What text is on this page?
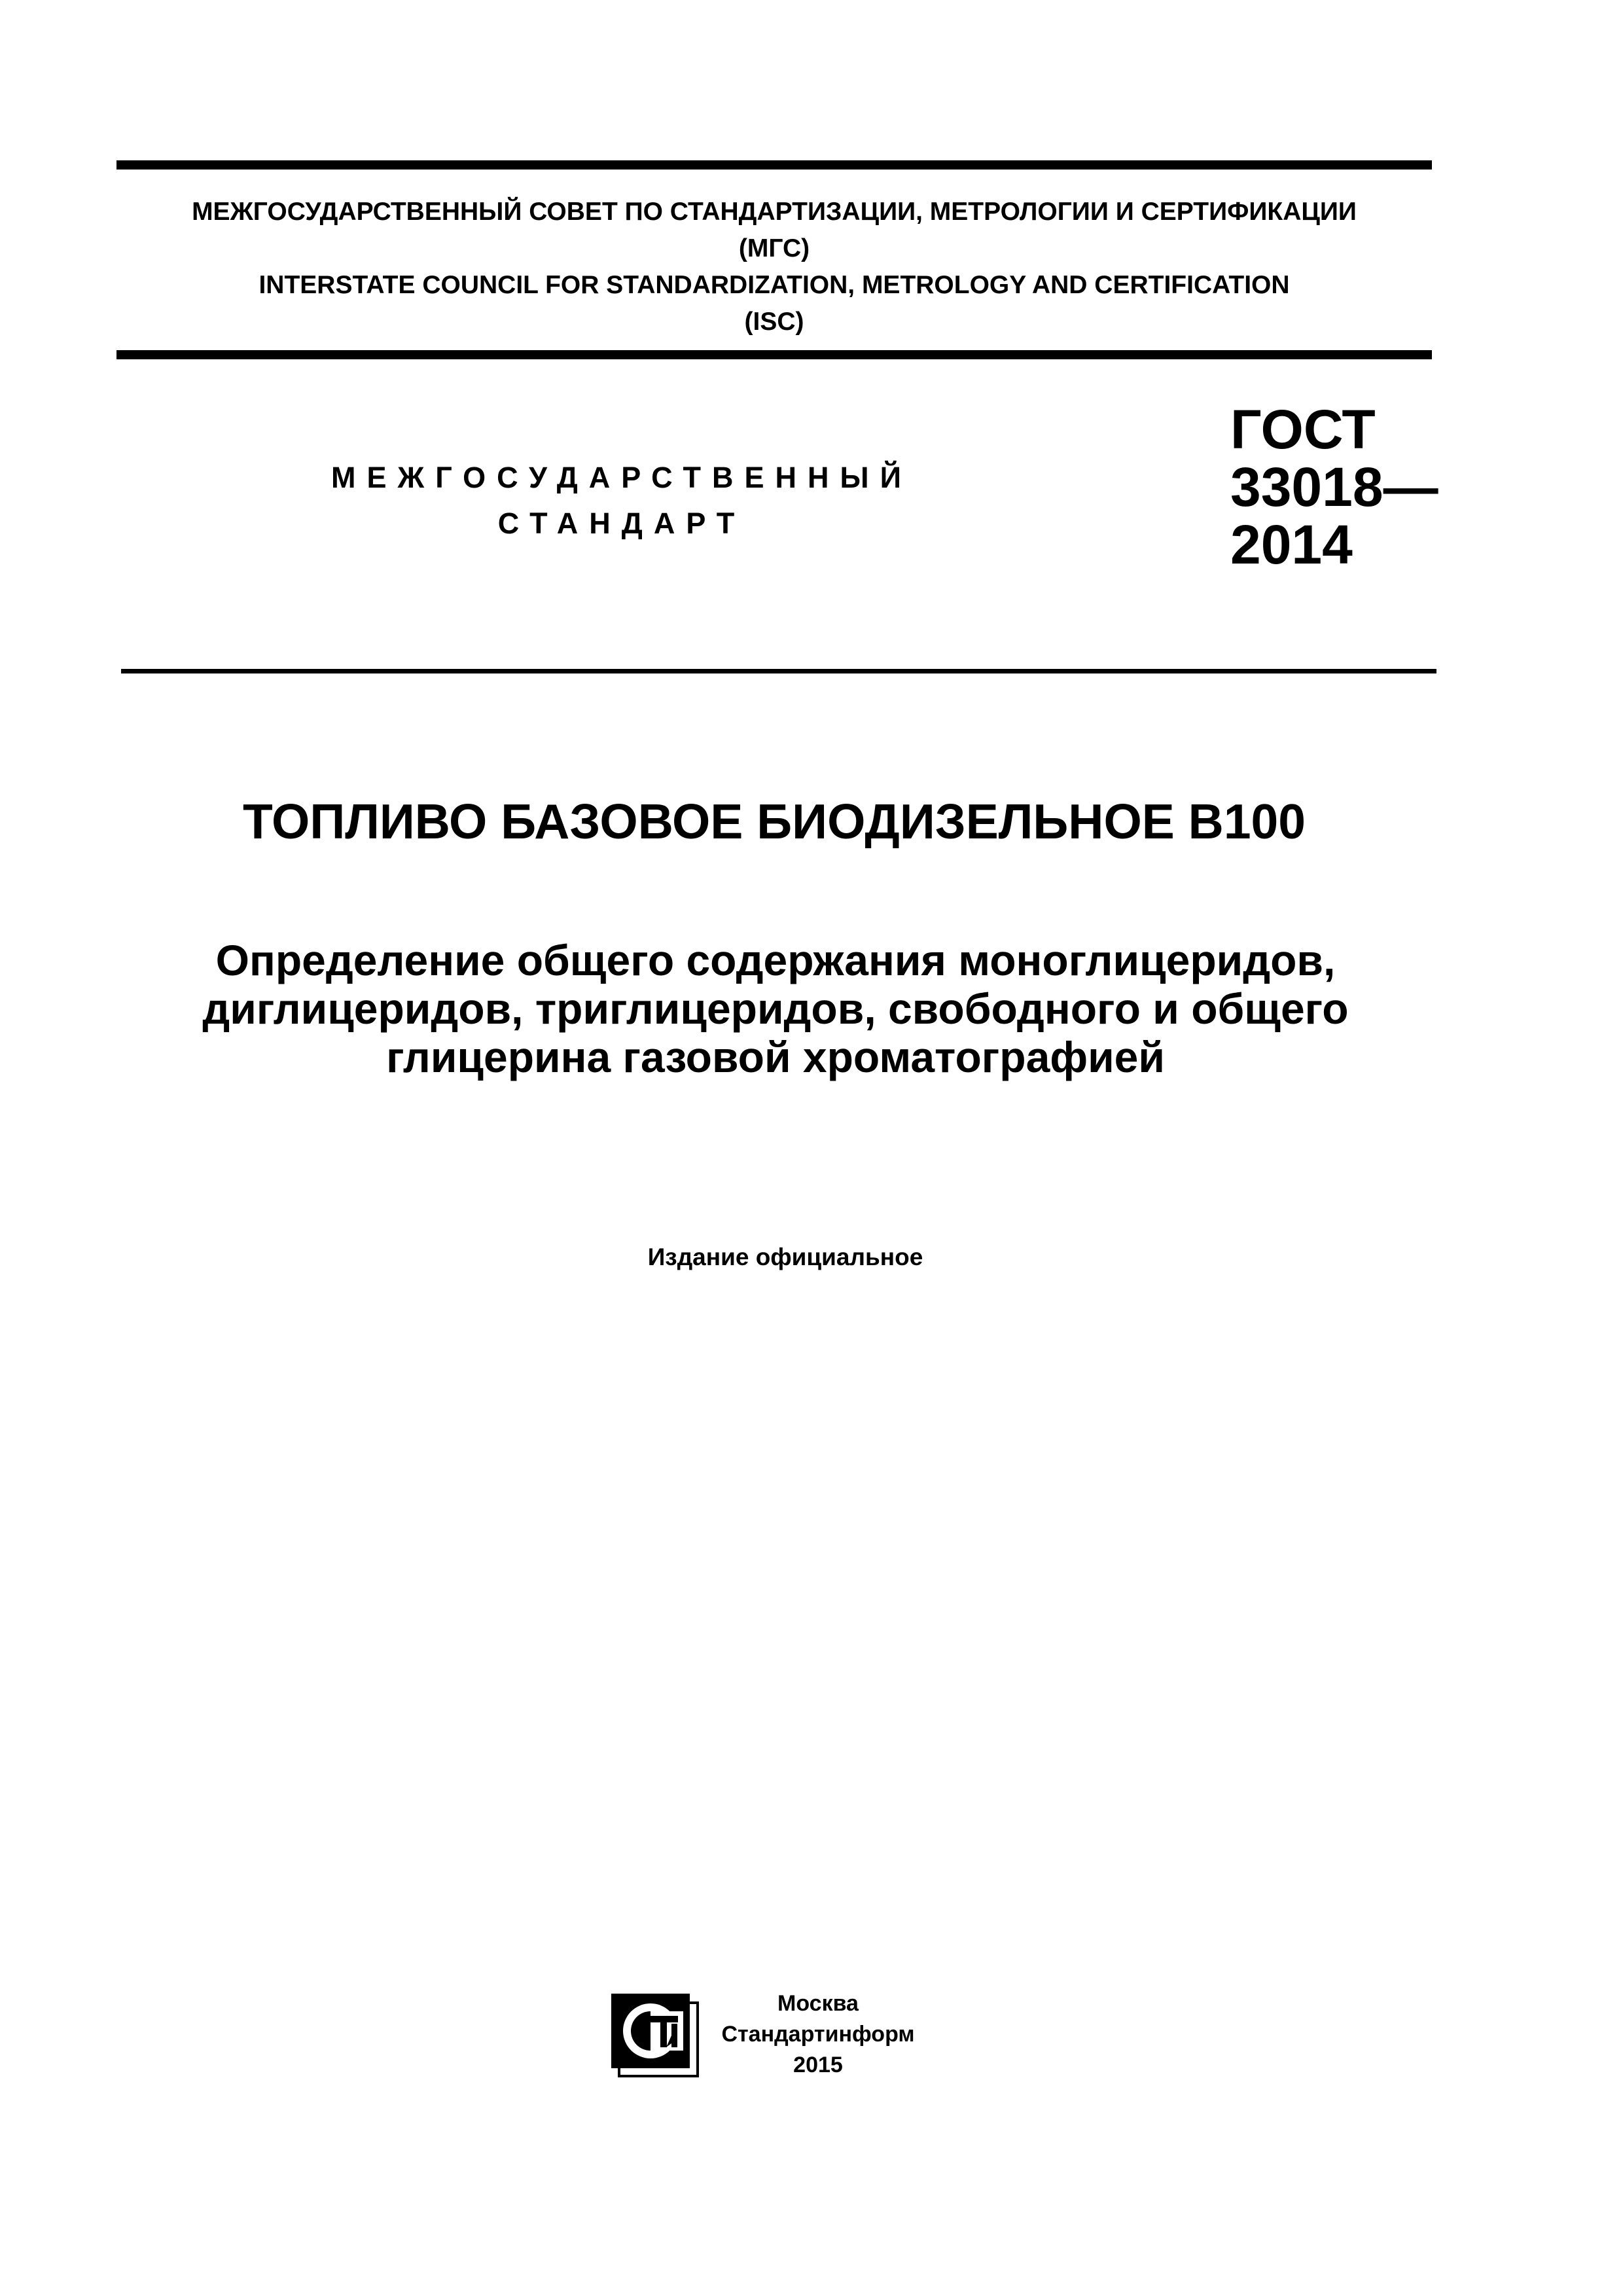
МЕЖГОСУДАРСТВЕННЫЙ СОВЕТ ПО СТАНДАРТИЗАЦИИ, МЕТРОЛОГИИ И СЕРТИФИКАЦИИ
(МГС)
INTERSTATE COUNCIL FOR STANDARDIZATION, METROLOGY AND CERTIFICATION
(ISC)
МЕЖГОСУДАРСТВЕННЫЙ
СТАНДАРТ
ГОСТ
33018—
2014
ТОПЛИВО БАЗОВОЕ БИОДИЗЕЛЬНОЕ В100
Определение общего содержания моноглицеридов,
диглицеридов, триглицеридов, свободного и общего
глицерина газовой хроматографией
Издание официальное
Москва
Стандартинформ
2015
